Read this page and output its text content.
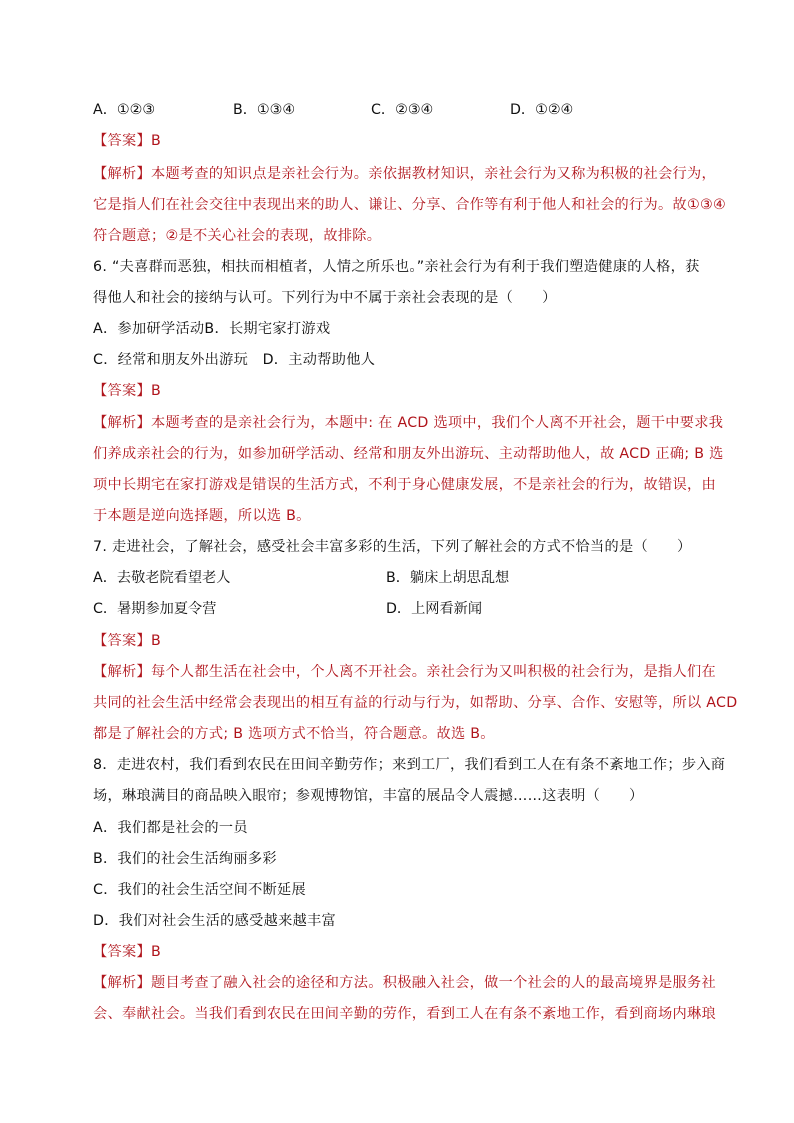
A．①②③	B．①③④	C．②③④	D．①②④
【答案】B
【解析】本题考查的知识点是亲社会行为。亲依据教材知识，亲社会行为又称为积极的社会行为，
它是指人们在社会交往中表现出来的助人、谦让、分享、合作等有利于他人和社会的行为。故①③④
符合题意；②是不关心社会的表现，故排除。
6. “夫喜群而恶独，相扶而相植者，人情之所乐也。”亲社会行为有利于我们塑造健康的人格，获
得他人和社会的接纳与认可。下列行为中不属于亲社会表现的是（　　）
A．参加研学活动B．长期宅家打游戏
C．经常和朋友外出游玩　D．主动帮助他人
【答案】B
【解析】本题考查的是亲社会行为，本题中: 在 ACD 选项中，我们个人离不开社会，题干中要求我
们养成亲社会的行为，如参加研学活动、经常和朋友外出游玩、主动帮助他人，故 ACD 正确; B 选
项中长期宅在家打游戏是错误的生活方式，不利于身心健康发展，不是亲社会的行为，故错误，由
于本题是逆向选择题，所以选 B。
7. 走进社会，了解社会，感受社会丰富多彩的生活，下列了解社会的方式不恰当的是（　　）
A．去敬老院看望老人	B．躺床上胡思乱想
C．暑期参加夏令营	D．上网看新闻
【答案】B
【解析】每个人都生活在社会中，个人离不开社会。亲社会行为又叫积极的社会行为，是指人们在
共同的社会生活中经常会表现出的相互有益的行动与行为，如帮助、分享、合作、安慰等，所以 ACD
都是了解社会的方式; B 选项方式不恰当，符合题意。故选 B。
8．走进农村，我们看到农民在田间辛勤劳作；来到工厂，我们看到工人在有条不紊地工作；步入商
场，琳琅满目的商品映入眼帘；参观博物馆，丰富的展品令人震撼……这表明（　　）
A．我们都是社会的一员
B．我们的社会生活绚丽多彩
C．我们的社会生活空间不断延展
D．我们对社会生活的感受越来越丰富
【答案】B
【解析】题目考查了融入社会的途径和方法。积极融入社会，做一个社会的人的最高境界是服务社
会、奉献社会。当我们看到农民在田间辛勤的劳作，看到工人在有条不紊地工作，看到商场内琳琅
